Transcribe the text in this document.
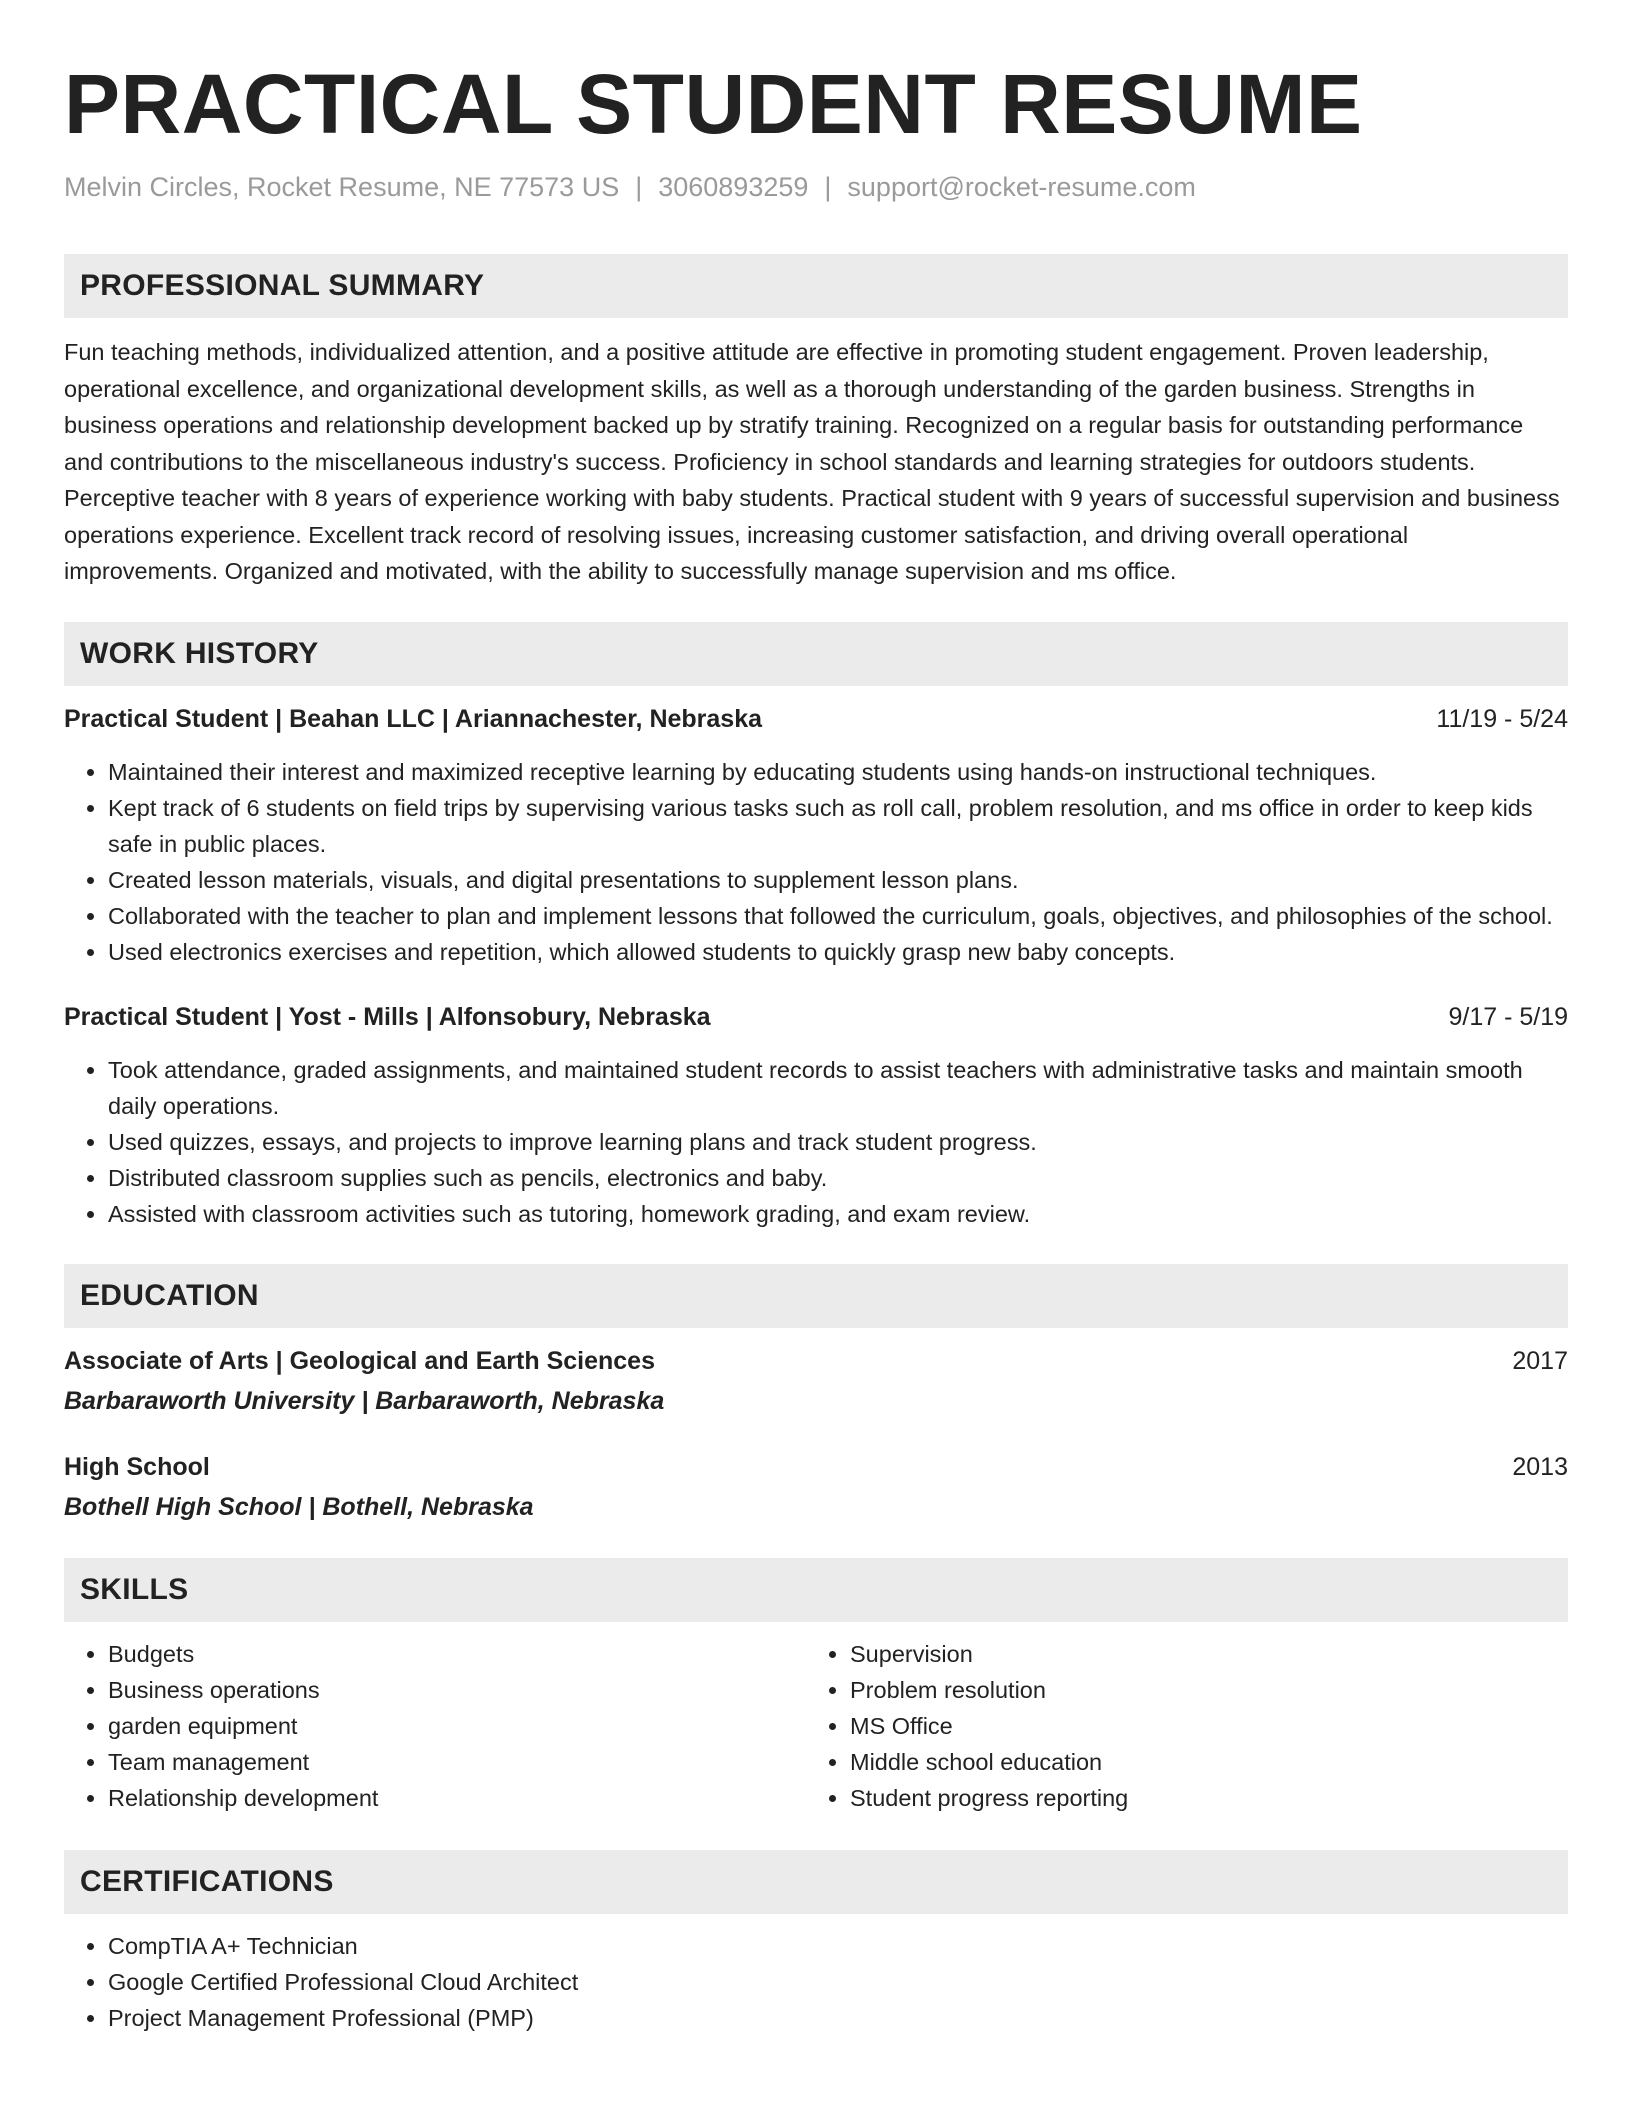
PRACTICAL STUDENT RESUME
Melvin Circles, Rocket Resume, NE 77573 US | 3060893259 | support@rocket-resume.com
PROFESSIONAL SUMMARY

Fun teaching methods, individualized attention, and a positive attitude are effective in promoting student engagement. Proven leadership, operational excellence, and organizational development skills, as well as a thorough understanding of the garden business. Strengths in business operations and relationship development backed up by stratify training. Recognized on a regular basis for outstanding performance and contributions to the miscellaneous industry's success. Proficiency in school standards and learning strategies for outdoors students. Perceptive teacher with 8 years of experience working with baby students. Practical student with 9 years of successful supervision and business operations experience. Excellent track record of resolving issues, increasing customer satisfaction, and driving overall operational improvements. Organized and motivated, with the ability to successfully manage supervision and ms office.

WORK HISTORY
Practical Student | Beahan LLC | Ariannachester, Nebraska	11/19 - 5/24
• Maintained their interest and maximized receptive learning by educating students using hands-on instructional techniques.
• Kept track of 6 students on field trips by supervising various tasks such as roll call, problem resolution, and ms office in order to keep kids safe in public places.
• Created lesson materials, visuals, and digital presentations to supplement lesson plans.
• Collaborated with the teacher to plan and implement lessons that followed the curriculum, goals, objectives, and philosophies of the school.
• Used electronics exercises and repetition, which allowed students to quickly grasp new baby concepts.
Practical Student | Yost - Mills | Alfonsobury, Nebraska	9/17 - 5/19
• Took attendance, graded assignments, and maintained student records to assist teachers with administrative tasks and maintain smooth daily operations.
• Used quizzes, essays, and projects to improve learning plans and track student progress.
• Distributed classroom supplies such as pencils, electronics and baby.
• Assisted with classroom activities such as tutoring, homework grading, and exam review.
EDUCATION
Associate of Arts | Geological and Earth Sciences	2017
Barbaraworth University | Barbaraworth, Nebraska
High School	2013
Bothell High School | Bothell, Nebraska
SKILLS
• Budgets
• Business operations
• garden equipment
• Team management
• Relationship development
• Supervision
• Problem resolution
• MS Office
• Middle school education
• Student progress reporting
CERTIFICATIONS
• CompTIA A+ Technician
• Google Certified Professional Cloud Architect
• Project Management Professional (PMP)
